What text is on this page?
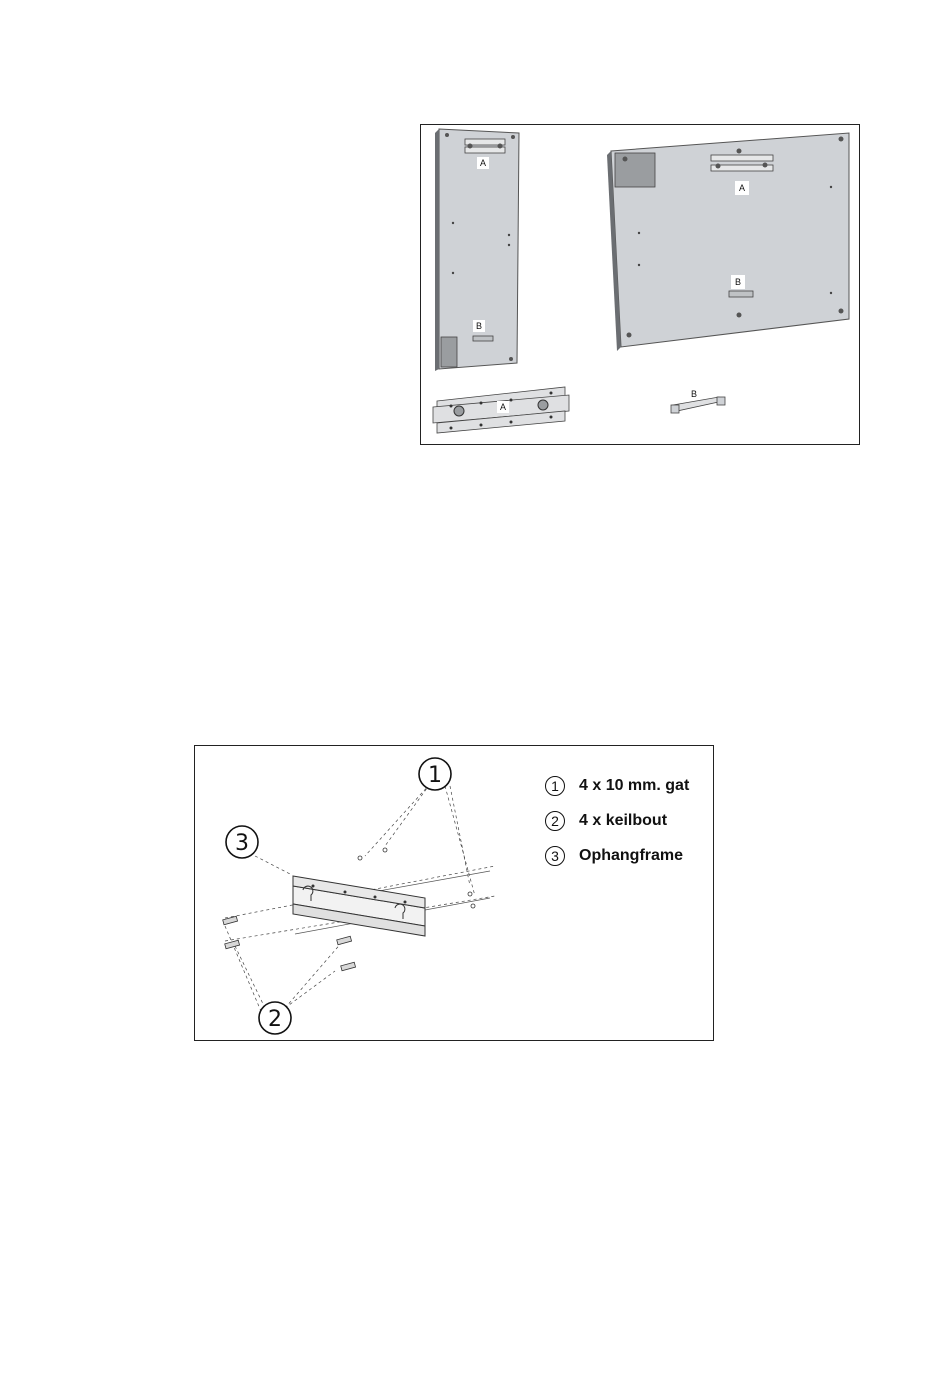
A
B
A
B
A
B
1
3
2
1	4 x 10 mm. gat
2	4 x keilbout
3	Ophangframe
